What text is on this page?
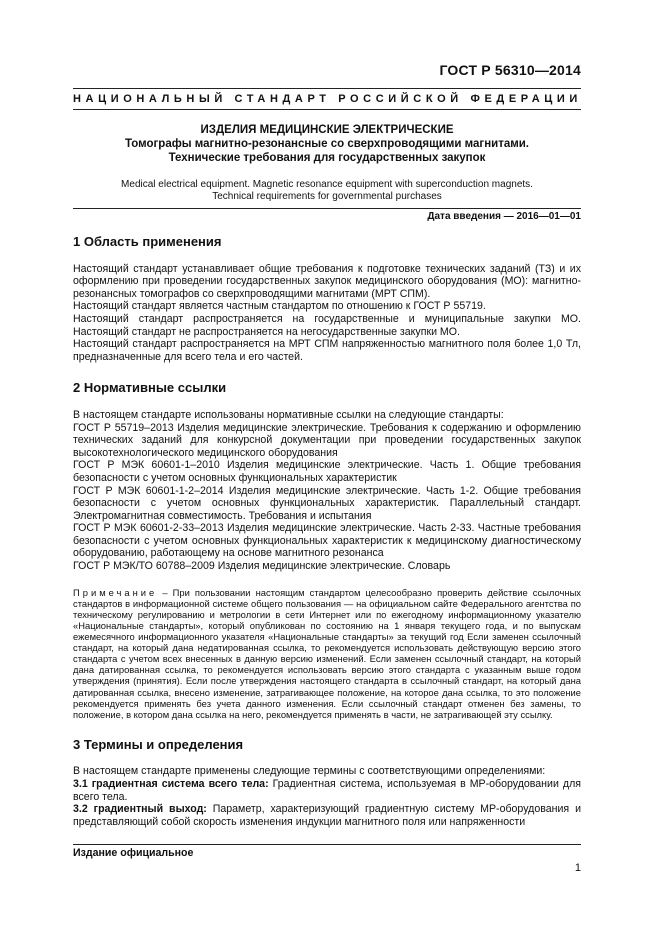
ГОСТ Р 56310—2014
НАЦИОНАЛЬНЫЙ СТАНДАРТ РОССИЙСКОЙ ФЕДЕРАЦИИ
ИЗДЕЛИЯ МЕДИЦИНСКИЕ ЭЛЕКТРИЧЕСКИЕ
Томографы магнитно-резонансные со сверхпроводящими магнитами.
Технические требования для государственных закупок
Medical electrical equipment. Magnetic resonance equipment with superconduction magnets.
Technical requirements for governmental purchases
Дата введения — 2016—01—01
1 Область применения

Настоящий стандарт устанавливает общие требования к подготовке технических заданий (ТЗ) и их оформлению при проведении государственных закупок медицинского оборудования (МО): магнитно-резонансных томографов со сверхпроводящими магнитами (МРТ СПМ).

Настоящий стандарт является частным стандартом по отношению к ГОСТ Р 55719.

Настоящий стандарт распространяется на государственные и муниципальные закупки МО. Настоящий стандарт не распространяется на негосударственные закупки МО.

Настоящий стандарт распространяется на МРТ СПМ напряженностью магнитного поля более 1,0 Тл, предназначенные для всего тела и его частей.

2 Нормативные ссылки

В настоящем стандарте использованы нормативные ссылки на следующие стандарты:

ГОСТ Р 55719–2013 Изделия медицинские электрические. Требования к содержанию и оформлению технических заданий для конкурсной документации при проведении государственных закупок высокотехнологического медицинского оборудования

ГОСТ Р МЭК 60601-1–2010 Изделия медицинские электрические. Часть 1. Общие требования безопасности с учетом основных функциональных характеристик

ГОСТ Р МЭК 60601-1-2–2014 Изделия медицинские электрические. Часть 1-2. Общие требования безопасности с учетом основных функциональных характеристик. Параллельный стандарт. Электромагнитная совместимость. Требования и испытания

ГОСТ Р МЭК 60601-2-33–2013 Изделия медицинские электрические. Часть 2-33. Частные требования безопасности с учетом основных функциональных характеристик к медицинскому диагностическому оборудованию, работающему на основе магнитного резонанса

ГОСТ Р МЭК/ТО 60788–2009 Изделия медицинские электрические. Словарь

Примечание – При пользовании настоящим стандартом целесообразно проверить действие ссылочных стандартов в информационной системе общего пользования — на официальном сайте Федерального агентства по техническому регулированию и метрологии в сети Интернет или по ежегодному информационному указателю «Национальные стандарты», который опубликован по состоянию на 1 января текущего года, и по выпускам ежемесячного информационного указателя «Национальные стандарты» за текущий год Если заменен ссылочный стандарт, на который дана недатированная ссылка, то рекомендуется использовать действующую версию этого стандарта с учетом всех внесенных в данную версию изменений. Если заменен ссылочный стандарт, на который дана датированная ссылка, то рекомендуется использовать версию этого стандарта с указанным выше годом утверждения (принятия). Если после утверждения настоящего стандарта в ссылочный стандарт, на который дана датированная ссылка, внесено изменение, затрагивающее положение, на которое дана ссылка, то это положение рекомендуется применять без учета данного изменения. Если ссылочный стандарт отменен без замены, то положение, в котором дана ссылка на него, рекомендуется применять в части, не затрагивающей эту ссылку.
3 Термины и определения

В настоящем стандарте применены следующие термины с соответствующими определениями:

3.1 градиентная система всего тела: Градиентная система, используемая в МР-оборудовании для всего тела.

3.2 градиентный выход: Параметр, характеризующий градиентную систему МР-оборудования и представляющий собой скорость изменения индукции магнитного поля или напряженности

Издание официальное
1
